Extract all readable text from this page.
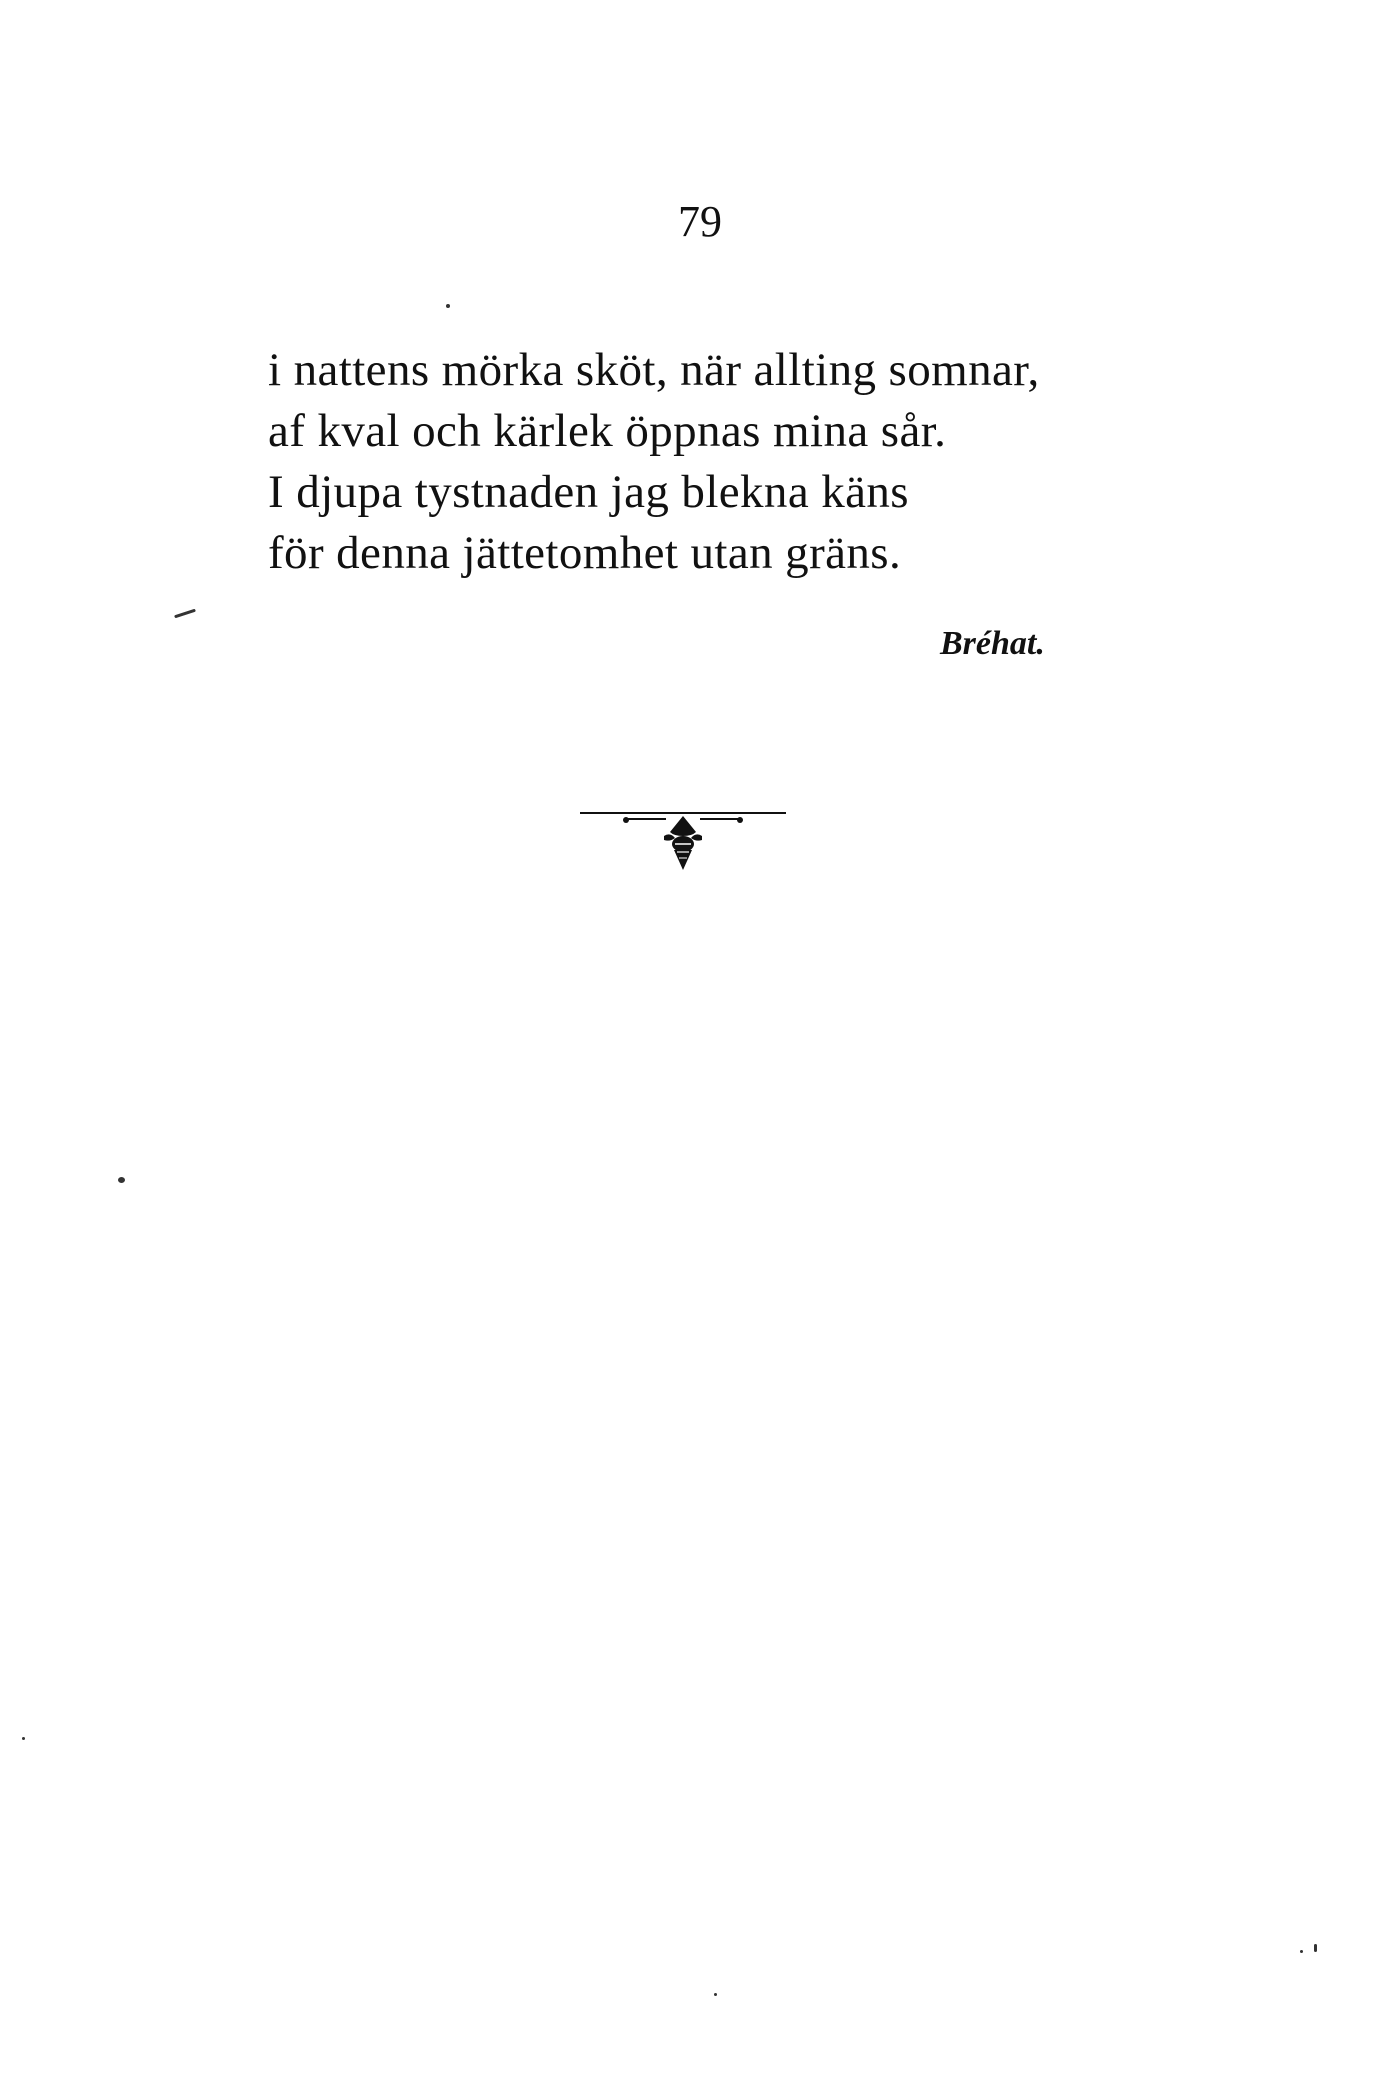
79
i nattens mörka sköt, när allting somnar,
af kval och kärlek öppnas mina sår.
I djupa tystnaden jag blekna käns
för denna jättetomhet utan gräns.
Bréhat.
